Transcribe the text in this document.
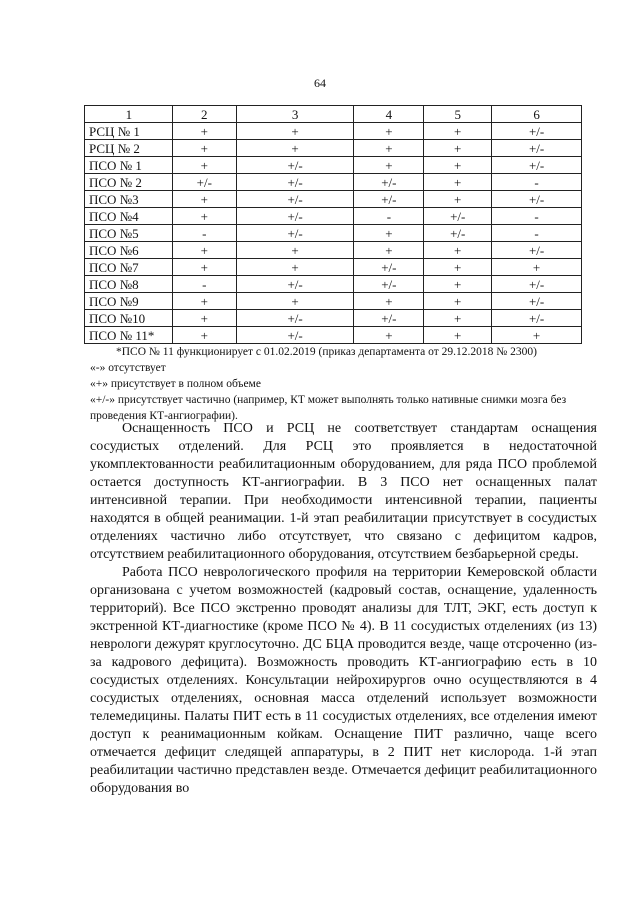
64
1	2	3	4	5	6
РСЦ № 1	+	+	+	+	+/-
РСЦ № 2	+	+	+	+	+/-
ПСО № 1	+	+/-	+	+	+/-
ПСО № 2	+/-	+/-	+/-	+	-
ПСО №3	+	+/-	+/-	+	+/-
ПСО №4	+	+/-	-	+/-	-
ПСО №5	-	+/-	+	+/-	-
ПСО №6	+	+	+	+	+/-
ПСО №7	+	+	+/-	+	+
ПСО №8	-	+/-	+/-	+	+/-
ПСО №9	+	+	+	+	+/-
ПСО №10	+	+/-	+/-	+	+/-
ПСО № 11*	+	+/-	+	+	+
*ПСО № 11 функционирует с 01.02.2019 (приказ департамента от 29.12.2018 № 2300)
«-» отсутствует
«+» присутствует в полном объеме
«+/-» присутствует частично (например, КТ может выполнять только нативные снимки мозга без проведения КТ-ангиографии).

Оснащенность ПСО и РСЦ не соответствует стандартам оснащения сосудистых отделений. Для РСЦ это проявляется в недостаточной укомплектованности реабилитационным оборудованием, для ряда ПСО проблемой остается доступность КТ-ангиографии. В 3 ПСО нет оснащенных палат интенсивной терапии. При необходимости интенсивной терапии, пациенты находятся в общей реанимации. 1-й этап реабилитации присутствует в сосудистых отделениях частично либо отсутствует, что связано с дефицитом кадров, отсутствием реабилитационного оборудования, отсутствием безбарьерной среды.

Работа ПСО неврологического профиля на территории Кемеровской области организована с учетом возможностей (кадровый состав, оснащение, удаленность территорий). Все ПСО экстренно проводят анализы для ТЛТ, ЭКГ, есть доступ к экстренной КТ-диагностике (кроме ПСО № 4). В 11 сосудистых отделениях (из 13) неврологи дежурят круглосуточно. ДС БЦА проводится везде, чаще отсроченно (из-за кадрового дефицита). Возможность проводить КТ-ангиографию есть в 10 сосудистых отделениях. Консультации нейрохирургов очно осуществляются в 4 сосудистых отделениях, основная масса отделений использует возможности телемедицины. Палаты ПИТ есть в 11 сосудистых отделениях, все отделения имеют доступ к реанимационным койкам. Оснащение ПИТ различно, чаще всего отмечается дефицит следящей аппаратуры, в 2 ПИТ нет кислорода. 1-й этап реабилитации частично представлен везде. Отмечается дефицит реабилитационного оборудования во
